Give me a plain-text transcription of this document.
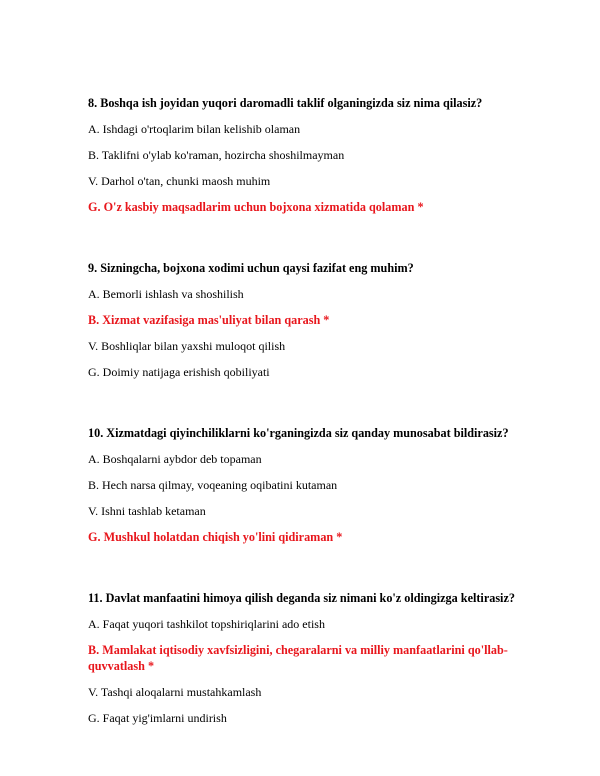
8. Boshqa ish joyidan yuqori daromadli taklif olganingizda siz nima qilasiz?

A. Ishdagi o'rtoqlarim bilan kelishib olaman

B. Taklifni o'ylab ko'raman, hozircha shoshilmayman

V. Darhol o'tan, chunki maosh muhim

G. O'z kasbiy maqsadlarim uchun bojxona xizmatida qolaman *

9. Sizningcha, bojxona xodimi uchun qaysi fazifat eng muhim?

A. Bemorli ishlash va shoshilish

B. Xizmat vazifasiga mas'uliyat bilan qarash *

V. Boshliqlar bilan yaxshi muloqot qilish

G. Doimiy natijaga erishish qobiliyati

10. Xizmatdagi qiyinchiliklarni ko'rganingizda siz qanday munosabat bildirasiz?

A. Boshqalarni aybdor deb topaman

B. Hech narsa qilmay, voqeaning oqibatini kutaman

V. Ishni tashlab ketaman

G. Mushkul holatdan chiqish yo'lini qidiraman *

11. Davlat manfaatini himoya qilish deganda siz nimani ko'z oldingizga keltirasiz?

A. Faqat yuqori tashkilot topshiriqlarini ado etish

B. Mamlakat iqtisodiy xavfsizligini, chegaralarni va milliy manfaatlarini qo'llab-quvvatlash *

V. Tashqi aloqalarni mustahkamlash

G. Faqat yig'imlarni undirish
